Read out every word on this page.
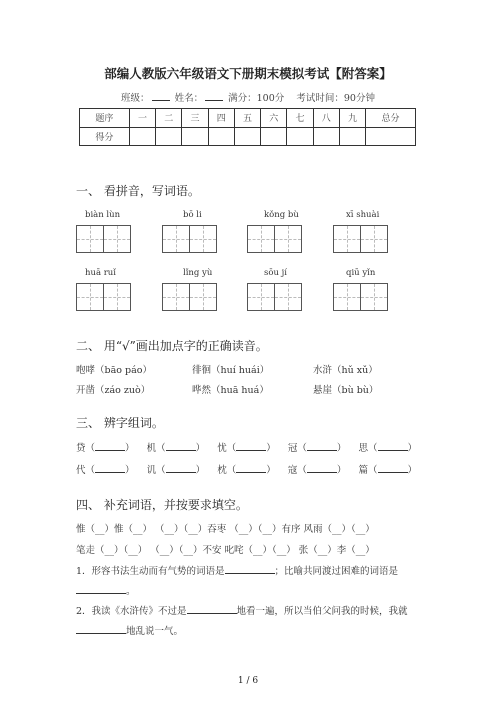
部编人教版六年级语文下册期末模拟考试【附答案】
班级：	姓名：	满分：100分 考试时间：90分钟
题序	一	二	三	四	五	六	七	八	九	总分
得分										
一、 看拼音，写词语。
biàn lùn	bō li	kǒng bù	xī shuài
huā ruǐ	lǐng yù	sōu jí	qiū yǐn
二、 用“√”画出加点字的正确读音。
咆哮（bāo páo）	徘徊（huí huái）	水浒（hǔ xǔ）
开凿（záo zuò）	哗然（huā huá）	悬崖（bù bù）
三、 辨字组词。
贷（	）    机（	）    忧（	）    冠（	）    思（	）
代（	）    讥（	）    枕（	）    寇（	）    篇（	）
四、 补充词语，并按要求填空。
惟（__）惟（__） （__）（__）吞枣 （__）（__）有序 风雨（__）（__）
笔走（__）（__） （__）（__）不安 叱咤（__）（__） 张（__）李（__）
1．形容书法生动而有气势的词语是	；比喻共同渡过困难的词语是
。
2．我读《水浒传》不过是	地看一遍，所以当伯父问我的时候，我就
地乱说一气。
1 / 6
